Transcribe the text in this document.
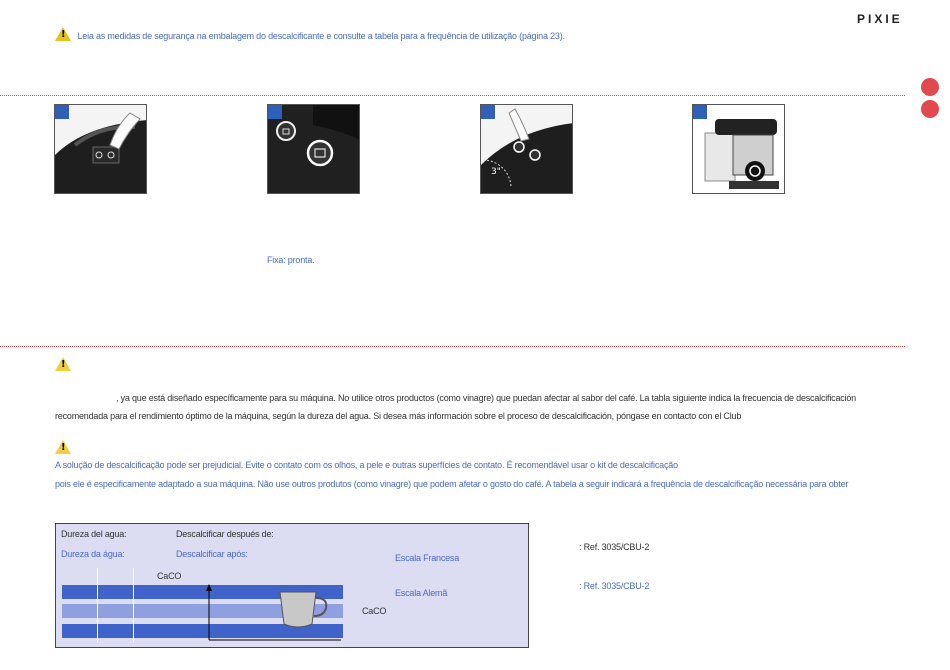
PIXIE
! Leia as medidas de segurança na embalagem do descalcificante e consulte a tabela para a frequência de utilização (página 23).
3"
Fixa: pronta.
!
, ya que está diseñado específicamente para su máquina. No utilice otros productos (como vinagre) que puedan afectar al sabor del café. La tabla siguiente indica la frecuencia de descalcificación
recomendada para el rendimiento óptimo de la máquina, según la dureza del agua. Si desea más información sobre el proceso de descalcificación, póngase en contacto con el Club
!
A solução de descalcificação pode ser prejudicial. Evite o contato com os olhos, a pele e outras superfícies de contato. É recomendável usar o kit de descalcificação
pois ele é especificamente adaptado a sua máquina. Não use outros produtos (como vinagre) que podem afetar o gosto do café. A tabela a seguir indicará a frequência de descalcificação necessária para obter
Dureza del agua:	Descalcificar después de:
Dureza da água:	Descalcificar após:	Escala Francesa
Escala Alemã
CaCO
CaCO
: Ref. 3035/CBU-2
: Ref. 3035/CBU-2
